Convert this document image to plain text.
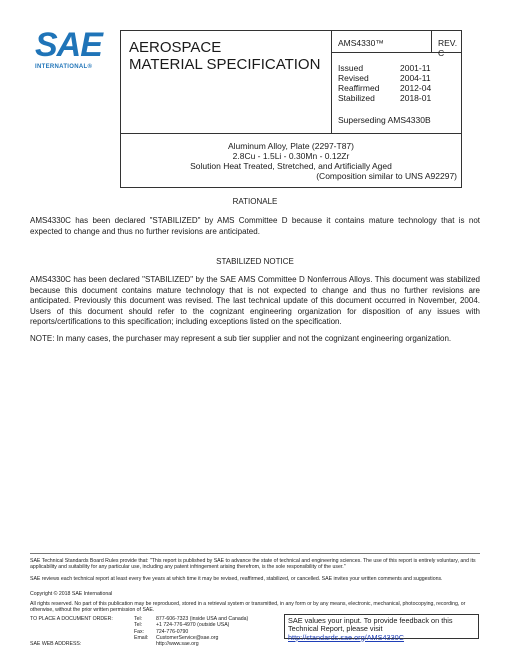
SAE
INTERNATIONAL®
AEROSPACE
MATERIAL SPECIFICATION
AMS4330™	REV. C
Issued	2001-11
Revised	2004-11
Reaffirmed	2012-04
Stabilized	2018-01
Superseding AMS4330B
Aluminum Alloy, Plate (2297-T87)
2.8Cu - 1.5Li - 0.30Mn - 0.12Zr
Solution Heat Treated, Stretched, and Artificially Aged
(Composition similar to UNS A92297)
RATIONALE
AMS4330C has been declared "STABILIZED" by AMS Committee D because it contains mature technology that is not expected to change and thus no further revisions are anticipated.
STABILIZED NOTICE
AMS4330C has been declared "STABILIZED" by the SAE AMS Committee D Nonferrous Alloys. This document was stabilized because this document contains mature technology that is not expected to change and thus no further revisions are anticipated. Previously this document was revised. The last technical update of this document occurred in November, 2004. Users of this document should refer to the cognizant engineering organization for disposition of any issues with reports/certifications to this specification; including exceptions listed on the specification.
NOTE: In many cases, the purchaser may represent a sub tier supplier and not the cognizant engineering organization.
SAE Technical Standards Board Rules provide that: "This report is published by SAE to advance the state of technical and engineering sciences. The use of this report is entirely voluntary, and its applicability and suitability for any particular use, including any patent infringement arising therefrom, is the sole responsibility of the user."
SAE reviews each technical report at least every five years at which time it may be revised, reaffirmed, stabilized, or cancelled. SAE invites your written comments and suggestions.
Copyright © 2018 SAE International
All rights reserved. No part of this publication may be reproduced, stored in a retrieval system or transmitted, in any form or by any means, electronic, mechanical, photocopying, recording, or otherwise, without the prior written permission of SAE.
TO PLACE A DOCUMENT ORDER:	Tel:	877-606-7323 (inside USA and Canada)
Tel:	+1 724-776-4970 (outside USA)
Fax:	724-776-0790
Email:	CustomerService@sae.org
SAE WEB ADDRESS:	http://www.sae.org
SAE values your input. To provide feedback on this Technical Report, please visit
http://standards.sae.org/AMS4330C
